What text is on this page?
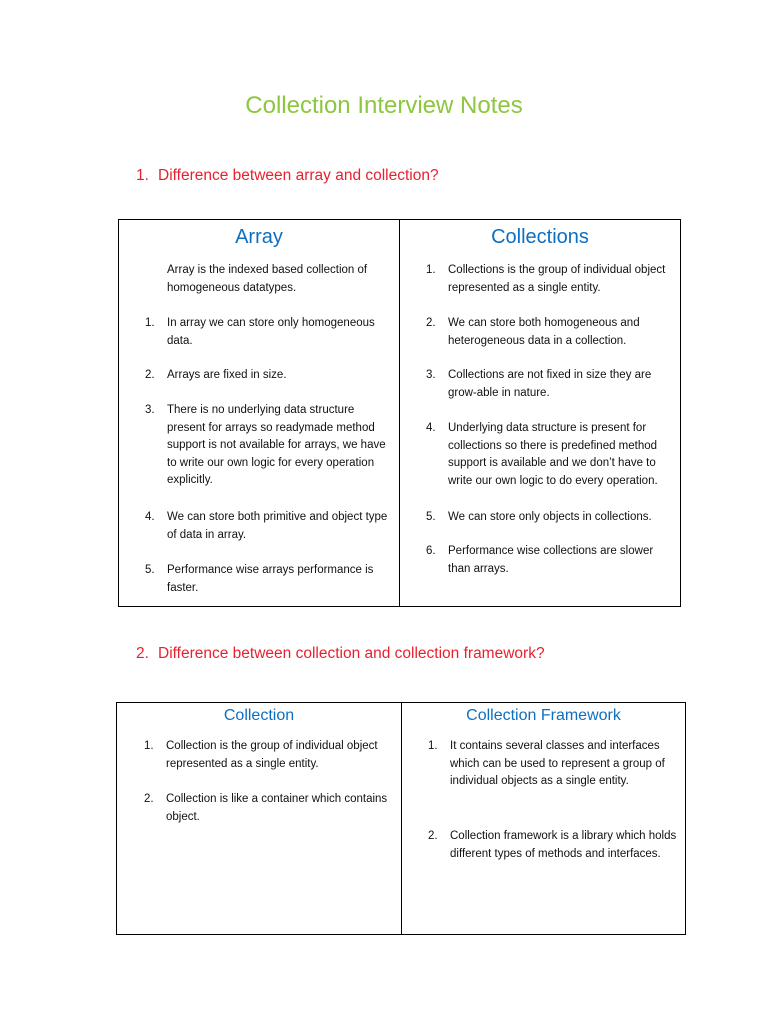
Collection Interview Notes
1. Difference between array and collection?
Array
Array is the indexed based collection of homogeneous datatypes.
1. In array we can store only homogeneous data.
2. Arrays are fixed in size.
3. There is no underlying data structure present for arrays so readymade method support is not available for arrays, we have to write our own logic for every operation explicitly.
4. We can store both primitive and object type of data in array.
5. Performance wise arrays performance is faster.
Collections
1. Collections is the group of individual object represented as a single entity.
2. We can store both homogeneous and heterogeneous data in a collection.
3. Collections are not fixed in size they are grow-able in nature.
4. Underlying data structure is present for collections so there is predefined method support is available and we don’t have to write our own logic to do every operation.
5. We can store only objects in collections.
6. Performance wise collections are slower than arrays.
2. Difference between collection and collection framework?
Collection
1. Collection is the group of individual object represented as a single entity.
2. Collection is like a container which contains object.
Collection Framework
1. It contains several classes and interfaces which can be used to represent a group of individual objects as a single entity.
2. Collection framework is a library which holds different types of methods and interfaces.
